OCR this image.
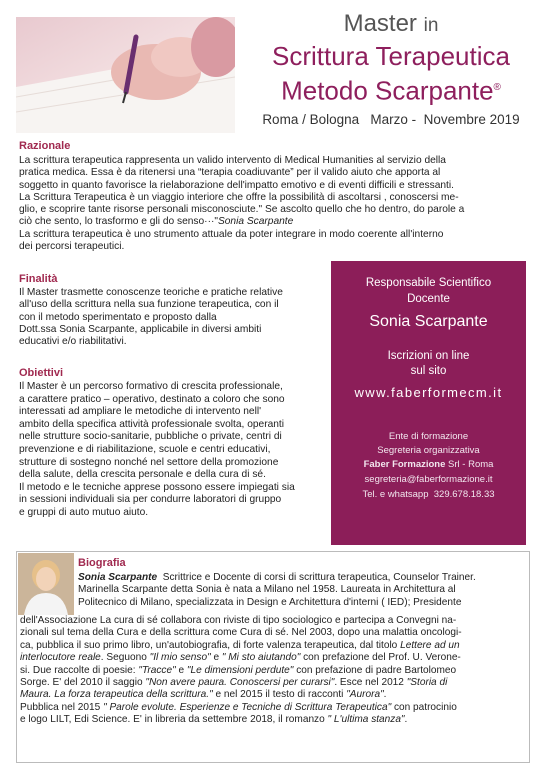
Master in
Scrittura Terapeutica
Metodo Scarpante®
Roma / Bologna   Marzo -  Novembre 2019
Razionale
La scrittura terapeutica rappresenta un valido intervento di Medical Humanities al servizio della
pratica medica. Essa è da ritenersi una “terapia coadiuvante” per il valido aiuto che apporta al
soggetto in quanto favorisce la rielaborazione dell'impatto emotivo e di eventi difficili e stressanti.
La Scrittura Terapeutica è un viaggio interiore che offre la possibilità di ascoltarsi , conoscersi me-
glio, e scoprire tante risorse personali misconosciute." Se ascolto quello che ho dentro, do parole a
ciò che sento, lo trasformo e gli do senso···"Sonia Scarpante
La scrittura terapeutica è uno strumento attuale da poter integrare in modo coerente all'interno
dei percorsi terapeutici.
Finalità
Il Master trasmette conoscenze teoriche e pratiche relative
all'uso della scrittura nella sua funzione terapeutica, con il
con il metodo sperimentato e proposto dalla
Dott.ssa Sonia Scarpante, applicabile in diversi ambiti
educativi e/o riabilitativi.
Obiettivi
Il Master è un percorso formativo di crescita professionale,
a carattere pratico – operativo, destinato a coloro che sono
interessati ad ampliare le metodiche di intervento nell'
ambito della specifica attività professionale svolta, operanti
nelle strutture socio-sanitarie, pubbliche o private, centri di
prevenzione e di riabilitazione, scuole e centri educativi,
strutture di sostegno nonché nel settore della promozione
della salute, della crescita personale e della cura di sé.
Il metodo e le tecniche apprese possono essere impiegati sia
in sessioni individuali sia per condurre laboratori di gruppo
e gruppi di auto mutuo aiuto.
Responsabile Scientifico
Docente
Sonia Scarpante
Iscrizioni on line
sul sito
www.faberformecm.it
Ente di formazione
Segreteria organizzativa
Faber Formazione Srl - Roma
segreteria@faberformazione.it
Tel. e whatsapp  329.678.18.33
Biografia
Sonia Scarpante  Scrittrice e Docente di corsi di scrittura terapeutica, Counselor Trainer.
Marinella Scarpante detta Sonia è nata a Milano nel 1958. Laureata in Architettura al
Politecnico di Milano, specializzata in Design e Architettura d'interni ( IED); Presidente
dell'Associazione La cura di sé collabora con riviste di tipo sociologico e partecipa a Convegni na-
zionali sul tema della Cura e della scrittura come Cura di sé. Nel 2003, dopo una malattia oncologi-
ca, pubblica il suo primo libro, un'autobiografia, di forte valenza terapeutica, dal titolo Lettere ad un
interlocutore reale. Seguono "Il mio senso" e " Mi sto aiutando" con prefazione del Prof. U. Verone-
si. Due raccolte di poesie: "Tracce" e "Le dimensioni perdute" con prefazione di padre Bartolomeo
Sorge. E' del 2010 il saggio "Non avere paura. Conoscersi per curarsi". Esce nel 2012 "Storia di
Maura. La forza terapeutica della scrittura." e nel 2015 il testo di racconti "Aurora".
Pubblica nel 2015 " Parole evolute. Esperienze e Tecniche di Scrittura Terapeutica" con patrocinio
e logo LILT, Edi Science. E' in libreria da settembre 2018, il romanzo " L'ultima stanza".
